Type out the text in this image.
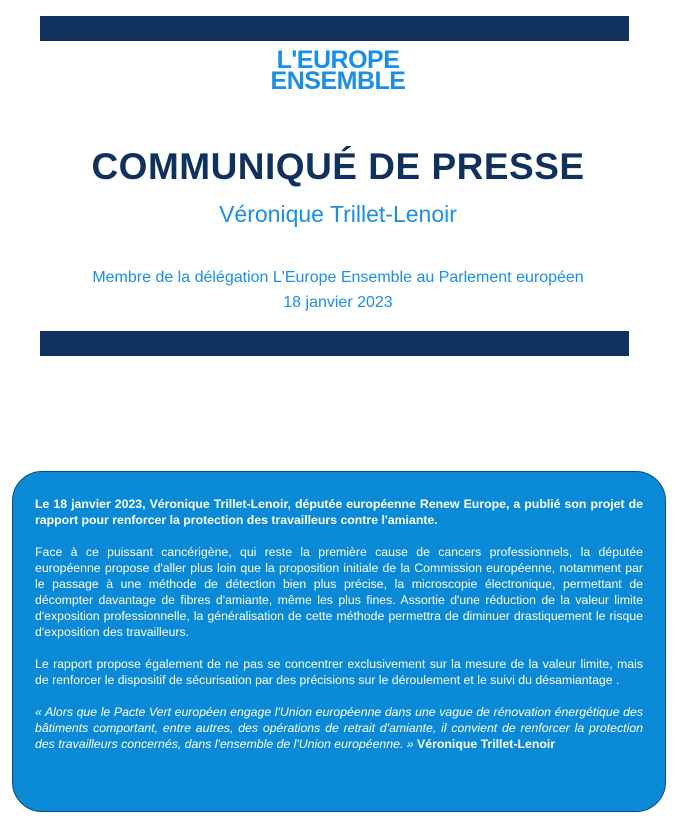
L'EUROPE
ENSEMBLE
COMMUNIQUÉ DE PRESSE
Véronique Trillet-Lenoir
Membre de la délégation L'Europe Ensemble au Parlement européen
18 janvier 2023

Le 18 janvier 2023, Véronique Trillet-Lenoir, députée européenne Renew Europe, a publié son projet de rapport pour renforcer la protection des travailleurs contre l'amiante.

Face à ce puissant cancérigène, qui reste la première cause de cancers professionnels, la députée européenne propose d'aller plus loin que la proposition initiale de la Commission européenne, notamment par le passage à une méthode de détection bien plus précise, la microscopie électronique, permettant de décompter davantage de fibres d'amiante, même les plus fines. Assortie d'une réduction de la valeur limite d'exposition professionnelle, la généralisation de cette méthode permettra de diminuer drastiquement le risque d'exposition des travailleurs.

Le rapport propose également de ne pas se concentrer exclusivement sur la mesure de la valeur limite, mais de renforcer le dispositif de sécurisation par des précisions sur le déroulement et le suivi du désamiantage .

« Alors que le Pacte Vert européen engage l'Union européenne dans une vague de rénovation énergétique des bâtiments comportant, entre autres, des opérations de retrait d'amiante, il convient de renforcer la protection des travailleurs concernés, dans l'ensemble de l'Union européenne. » Véronique Trillet-Lenoir
